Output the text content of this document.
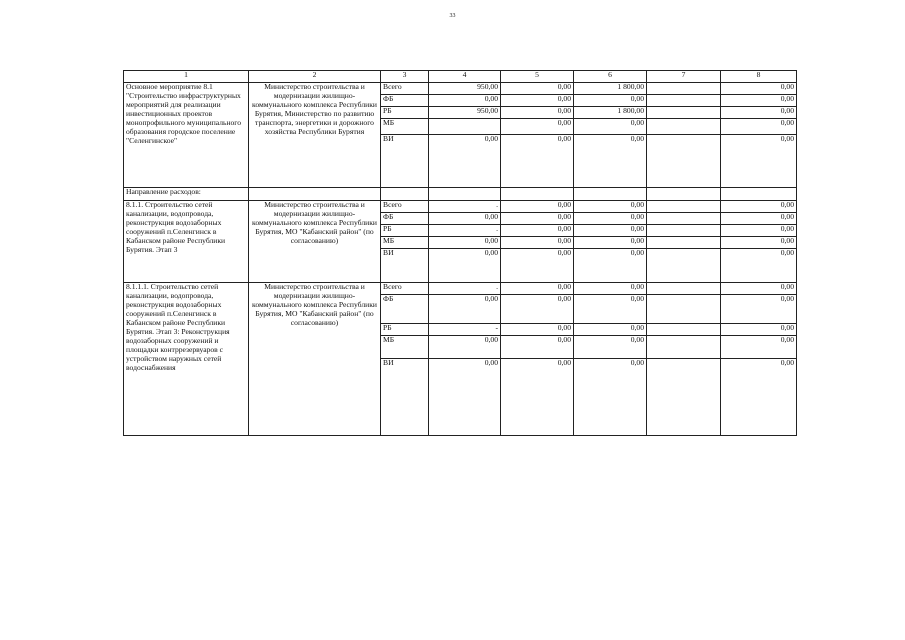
33
1	2	3	4	5	6	7	8
Основное мероприятие 8.1 "Строительство инфраструктурных мероприятий для реализации инвестиционных проектов монопрофильного муниципального образования городское поселение "Селенгинское"	Министерство строительства и модернизации жилищно-коммунального комплекса Республики Бурятия, Министерство по развитию транспорта, энергетики и дорожного хозяйства Республики Бурятия	Всего	950,00	0,00	1 800,00		0,00
		ФБ	0,00	0,00	0,00		0,00
		РБ	950,00	0,00	1 800,00		0,00
		МБ		0,00	0,00		0,00
		ВИ	0,00	0,00	0,00		0,00
Направление расходов:							
8.1.1. Строительство сетей канализации, водопровода, реконструкция водозаборных сооружений п.Селенгинск в Кабанском районе Республики Бурятия. Этап 3	Министерство строительства и модернизации жилищно-коммунального комплекса Республики Бурятия, МО "Кабанский район" (по согласованию)	Всего	.	0,00	0,00		0,00
		ФБ	0,00	0,00	0,00		0,00
		РБ	.	0,00	0,00		0,00
		МБ	0,00	0,00	0,00		0,00
		ВИ	0,00	0,00	0,00		0,00
8.1.1.1. Строительство сетей канализации, водопровода, реконструкция водозаборных сооружений п.Селенгинск в Кабанском районе Республики Бурятия. Этап 3: Реконструкция водозаборных сооружений и площадки контррезервуаров с устройством наружных сетей водоснабжения	Министерство строительства и модернизации жилищно-коммунального комплекса Республики Бурятия, МО "Кабанский район" (по согласованию)	Всего	.	0,00	0,00		0,00
		ФБ	0,00	0,00	0,00		0,00
		РБ	-	0,00	0,00		0,00
		МБ	0,00	0,00	0,00		0,00
		ВИ	0,00	0,00	0,00		0,00
